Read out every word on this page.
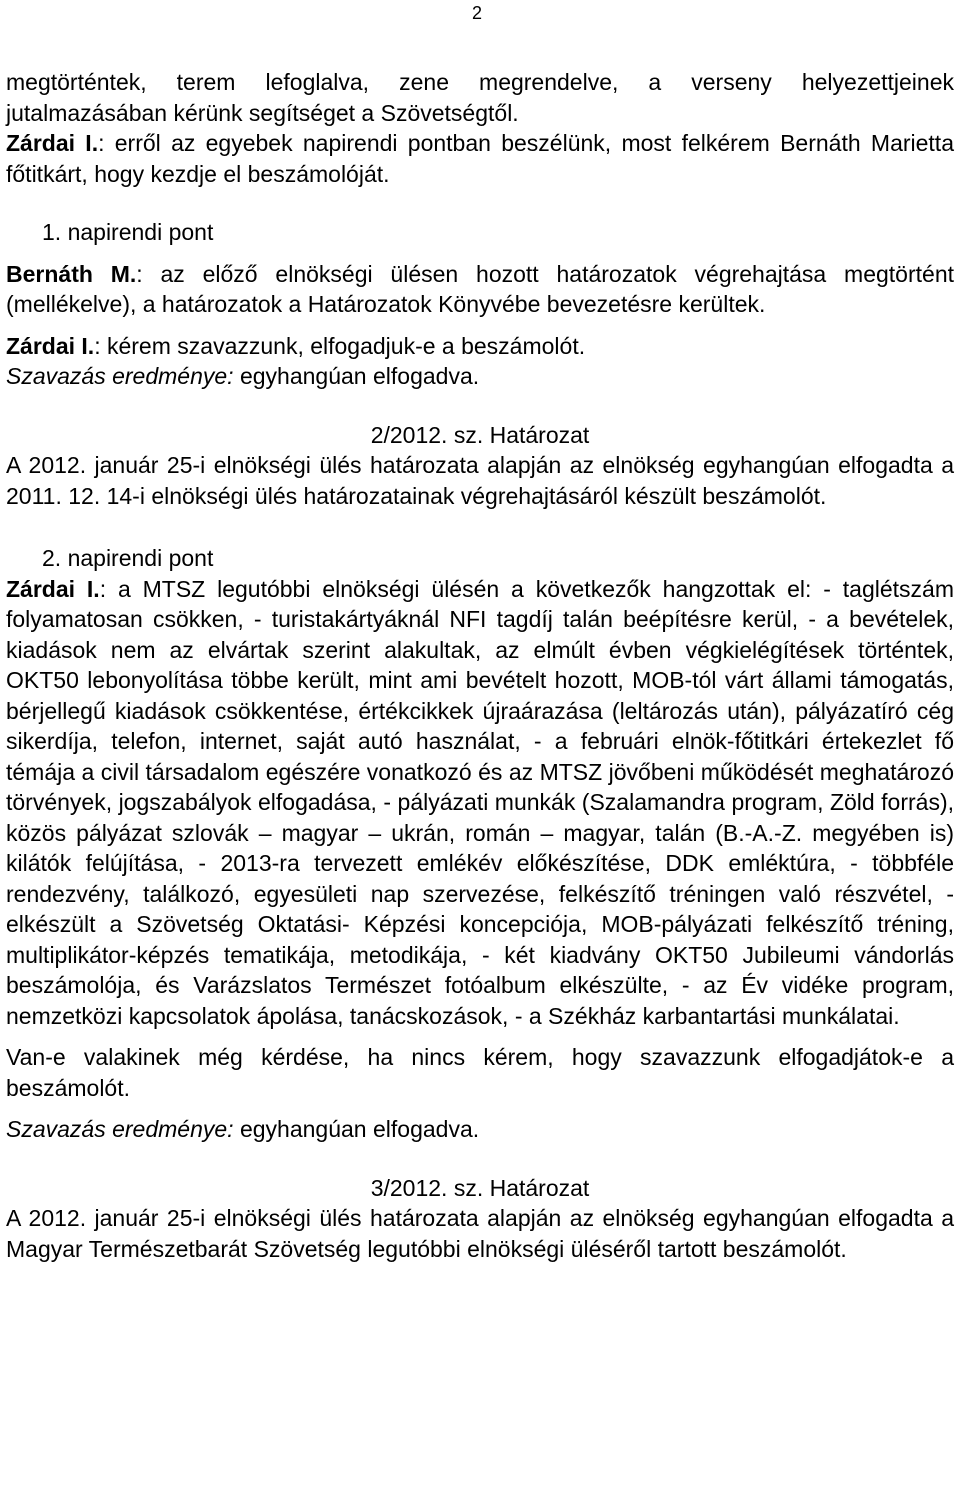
2

megtörténtek, terem lefoglalva, zene megrendelve, a verseny helyezettjeinek jutalmazásában kérünk segítséget a Szövetségtől.

Zárdai I.: erről az egyebek napirendi pontban beszélünk, most felkérem Bernáth Marietta főtitkárt, hogy kezdje el beszámolóját.

1. napirendi pont

Bernáth M.: az előző elnökségi ülésen hozott határozatok végrehajtása megtörtént (mellékelve), a határozatok a Határozatok Könyvébe bevezetésre kerültek.

Zárdai I.: kérem szavazzunk, elfogadjuk-e a beszámolót.

Szavazás eredménye: egyhangúan elfogadva.

2/2012. sz. Határozat

A 2012. január 25-i elnökségi ülés határozata alapján az elnökség egyhangúan elfogadta a 2011. 12. 14-i elnökségi ülés határozatainak végrehajtásáról készült beszámolót.

2. napirendi pont

Zárdai I.: a MTSZ legutóbbi elnökségi ülésén a következők hangzottak el: - taglétszám folyamatosan csökken, - turistakártyáknál NFI tagdíj talán beépítésre kerül, - a bevételek, kiadások nem az elvártak szerint alakultak, az elmúlt évben végkielégítések történtek, OKT50 lebonyolítása többe került, mint ami bevételt hozott, MOB-tól várt állami támogatás, bérjellegű kiadások csökkentése, értékcikkek újraárazása (leltározás után), pályázatíró cég sikerdíja, telefon, internet, saját autó használat, - a februári elnök-főtitkári értekezlet fő témája a civil társadalom egészére vonatkozó és az MTSZ jövőbeni működését meghatározó törvények, jogszabályok elfogadása, - pályázati munkák (Szalamandra program, Zöld forrás), közös pályázat szlovák – magyar – ukrán, román – magyar, talán (B.-A.-Z. megyében is) kilátók felújítása, - 2013-ra tervezett emlékév előkészítése, DDK emléktúra, - többféle rendezvény, találkozó, egyesületi nap szervezése, felkészítő tréningen való részvétel, - elkészült a Szövetség Oktatási- Képzési koncepciója, MOB-pályázati felkészítő tréning, multiplikátor-képzés tematikája, metodikája, - két kiadvány OKT50 Jubileumi vándorlás beszámolója, és Varázslatos Természet fotóalbum elkészülte, - az Év vidéke program, nemzetközi kapcsolatok ápolása, tanácskozások, - a Székház karbantartási munkálatai.

Van-e valakinek még kérdése, ha nincs kérem, hogy szavazzunk elfogadjátok-e a beszámolót.

Szavazás eredménye: egyhangúan elfogadva.

3/2012. sz. Határozat

A 2012. január 25-i elnökségi ülés határozata alapján az elnökség egyhangúan elfogadta a Magyar Természetbarát Szövetség legutóbbi elnökségi üléséről tartott beszámolót.
